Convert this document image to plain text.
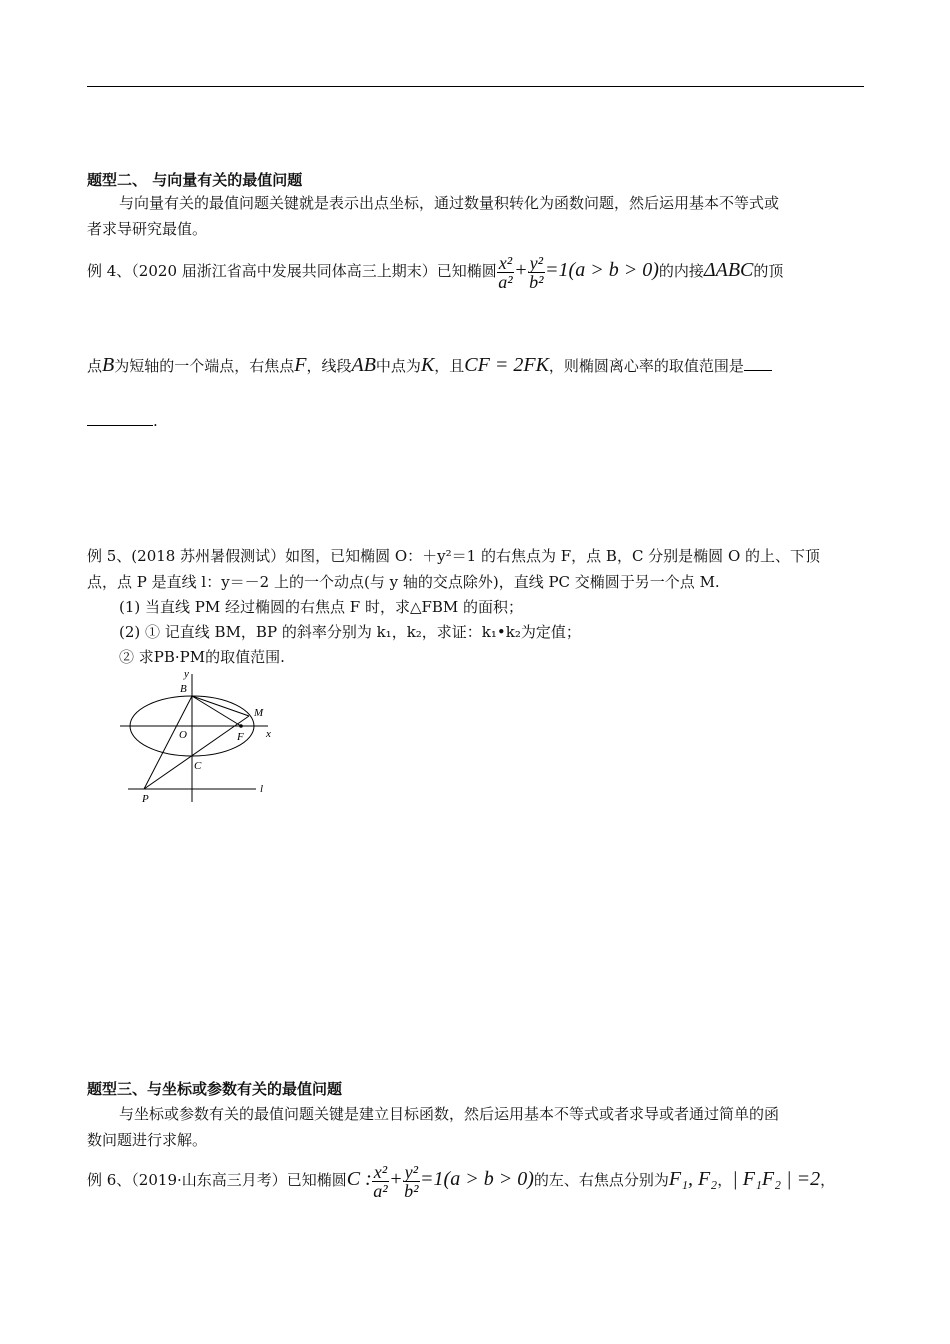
题型二、 与向量有关的最值问题
与向量有关的最值问题关键就是表示出点坐标，通过数量积转化为函数问题，然后运用基本不等式或
者求导研究最值。
例 4、（2020 届浙江省高中发展共同体高三上期末）已知椭圆 $\frac{\text{x²}}{\text{a²}} + \frac{\text{y²}}{\text{b²}} =1(a > b > 0)$的内接ΔABC的顶
点B为短轴的一个端点，右焦点F，线段AB中点为K，且CF = 2FK，则椭圆离心率的取值范围是
.
例 5、(2018 苏州暑假测试）如图，已知椭圆 O：＋y²＝1 的右焦点为 F，点 B，C 分别是椭圆 O 的上、下顶
点，点 P 是直线 l：y＝－2 上的一个动点(与 y 轴的交点除外)，直线 PC 交椭圆于另一个点 M.
(1) 当直线 PM 经过椭圆的右焦点 F 时，求△FBM 的面积；
(2) ① 记直线 BM，BP 的斜率分别为 k₁，k₂，求证：k₁•k₂为定值；
② 求PB·PM的取值范围.
y
B
M
O	F x
C
P
l
题型三、与坐标或参数有关的最值问题
与坐标或参数有关的最值问题关键是建立目标函数，然后运用基本不等式或者求导或者通过简单的函
数问题进行求解。
例 6、（2019·山东高三月考）已知椭圆C : $\frac{\text{x²}}{\text{a²}} + \frac{\text{y²}}{\text{b²}} =1(a > b > 0)$的左、右焦点分别为F₁, F₂，| F₁F₂ | =2，
